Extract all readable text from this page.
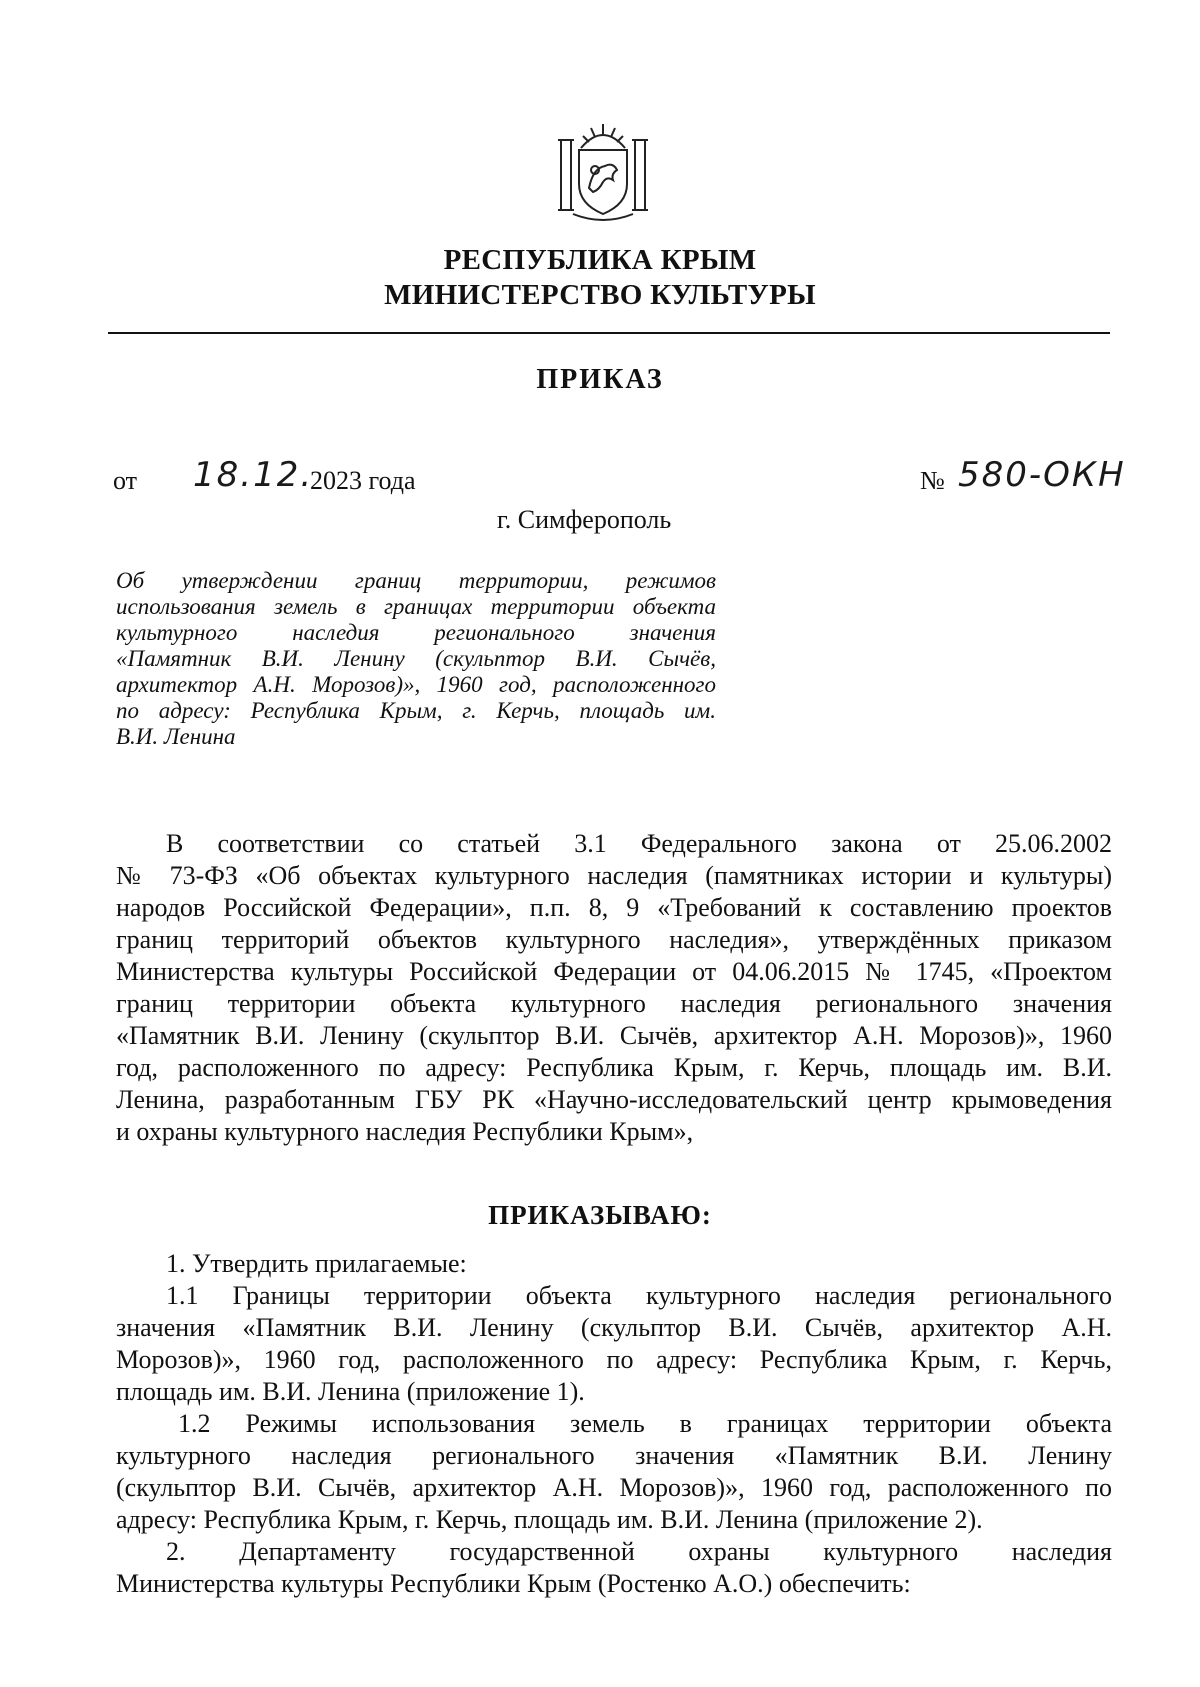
РЕСПУБЛИКА КРЫМ
МИНИСТЕРСТВО КУЛЬТУРЫ
ПРИКАЗ
от 18.12.
2023 года	№ 580-ОКН
г. Симферополь
Об утверждении границ территории, режимов
использования земель в границах территории объекта
культурного наследия регионального значения
«Памятник В.И. Ленину (скульптор В.И. Сычёв,
архитектор А.Н. Морозов)», 1960 год, расположенного
по адресу: Республика Крым, г. Керчь, площадь им.
В.И. Ленина
В соответствии со статьей 3.1 Федерального закона от 25.06.2002
№ 73-ФЗ «Об объектах культурного наследия (памятниках истории и культуры)
народов Российской Федерации», п.п. 8, 9 «Требований к составлению проектов
границ территорий объектов культурного наследия», утверждённых приказом
Министерства культуры Российской Федерации от 04.06.2015 № 1745, «Проектом
границ территории объекта культурного наследия регионального значения
«Памятник В.И. Ленину (скульптор В.И. Сычёв, архитектор А.Н. Морозов)», 1960
год, расположенного по адресу: Республика Крым, г. Керчь, площадь им. В.И.
Ленина, разработанным ГБУ РК «Научно-исследовательский центр крымоведения
и охраны культурного наследия Республики Крым»,
ПРИКАЗЫВАЮ:
1. Утвердить прилагаемые:
1.1 Границы территории объекта культурного наследия регионального
значения «Памятник В.И. Ленину (скульптор В.И. Сычёв, архитектор А.Н.
Морозов)», 1960 год, расположенного по адресу: Республика Крым, г. Керчь,
площадь им. В.И. Ленина (приложение 1).
1.2 Режимы использования земель в границах территории объекта
культурного наследия регионального значения «Памятник В.И. Ленину
(скульптор В.И. Сычёв, архитектор А.Н. Морозов)», 1960 год, расположенного по
адресу: Республика Крым, г. Керчь, площадь им. В.И. Ленина (приложение 2).
2. Департаменту государственной охраны культурного наследия
Министерства культуры Республики Крым (Ростенко А.О.) обеспечить:
